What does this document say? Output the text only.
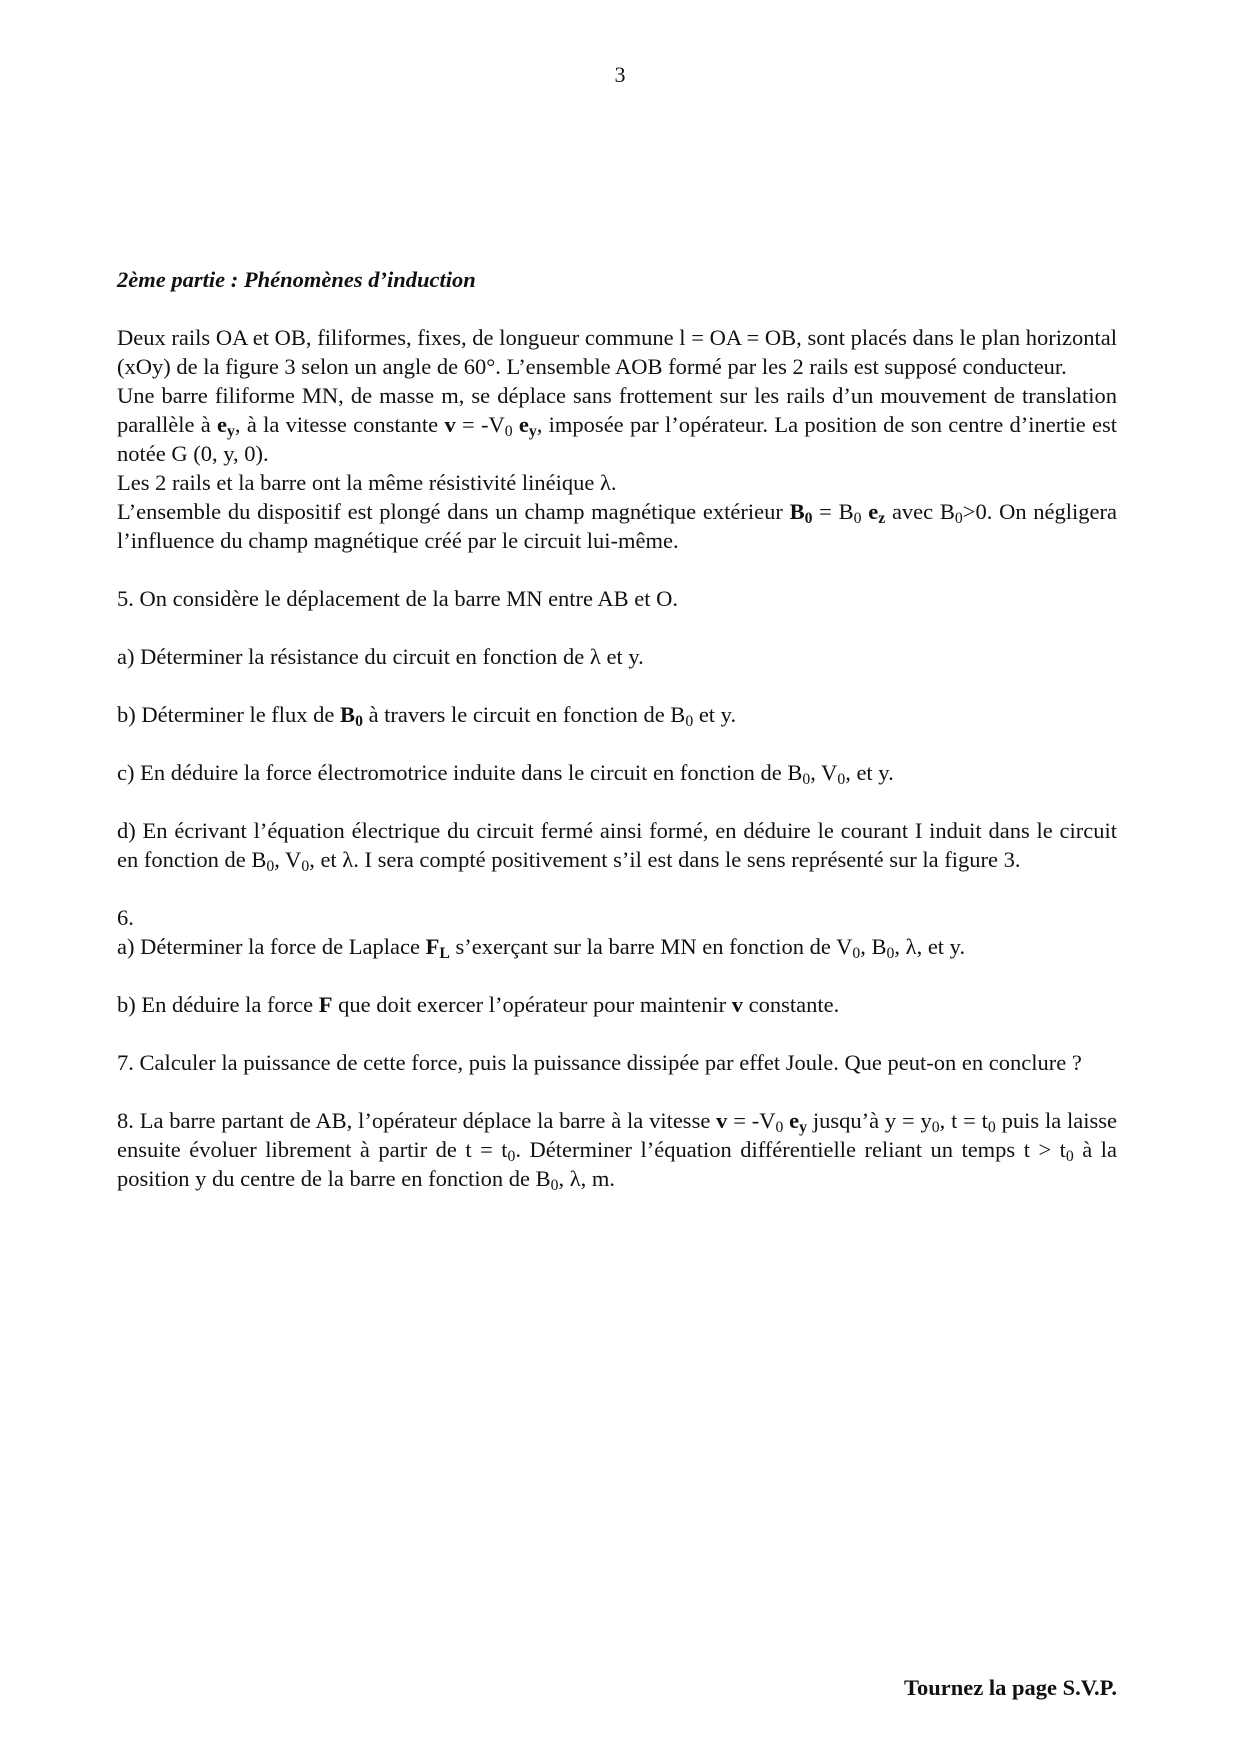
3

2ème partie : Phénomènes d’induction

Deux rails OA et OB, filiformes, fixes, de longueur commune l = OA = OB, sont placés dans le plan horizontal (xOy) de la figure 3 selon un angle de 60°. L’ensemble AOB formé par les 2 rails est supposé conducteur.

Une barre filiforme MN, de masse m, se déplace sans frottement sur les rails d’un mouvement de translation parallèle à $e_y$, à la vitesse constante $v = -V_0$ $e_y$, imposée par l’opérateur. La position de son centre d’inertie est notée G (0, y, 0).

Les 2 rails et la barre ont la même résistivité linéique λ.

L’ensemble du dispositif est plongé dans un champ magnétique extérieur $B_0 = B_0$ $e_z$ avec $B_0>0$. On négligera l’influence du champ magnétique créé par le circuit lui-même.

5. On considère le déplacement de la barre MN entre AB et O.

a) Déterminer la résistance du circuit en fonction de λ et y.

b) Déterminer le flux de $B_0$ à travers le circuit en fonction de $B_0$ et y.

c) En déduire la force électromotrice induite dans le circuit en fonction de $B_0$, $V_0$, et y.

d) En écrivant l’équation électrique du circuit fermé ainsi formé, en déduire le courant I induit dans le circuit en fonction de $B_0$, $V_0$, et λ. I sera compté positivement s’il est dans le sens représenté sur la figure 3.

6.

a) Déterminer la force de Laplace $F_L$ s’exerçant sur la barre MN en fonction de $V_0$, $B_0$, λ, et y.

b) En déduire la force F que doit exercer l’opérateur pour maintenir v constante.

7. Calculer la puissance de cette force, puis la puissance dissipée par effet Joule. Que peut-on en conclure ?

8. La barre partant de AB, l’opérateur déplace la barre à la vitesse $v = -V_0$ $e_y$ jusqu’à $y = y_0$, $t = t_0$ puis la laisse ensuite évoluer librement à partir de $t = t_0$. Déterminer l’équation différentielle reliant un temps $t > t_0$ à la position y du centre de la barre en fonction de $B_0$, λ, m.

Tournez la page S.V.P.
